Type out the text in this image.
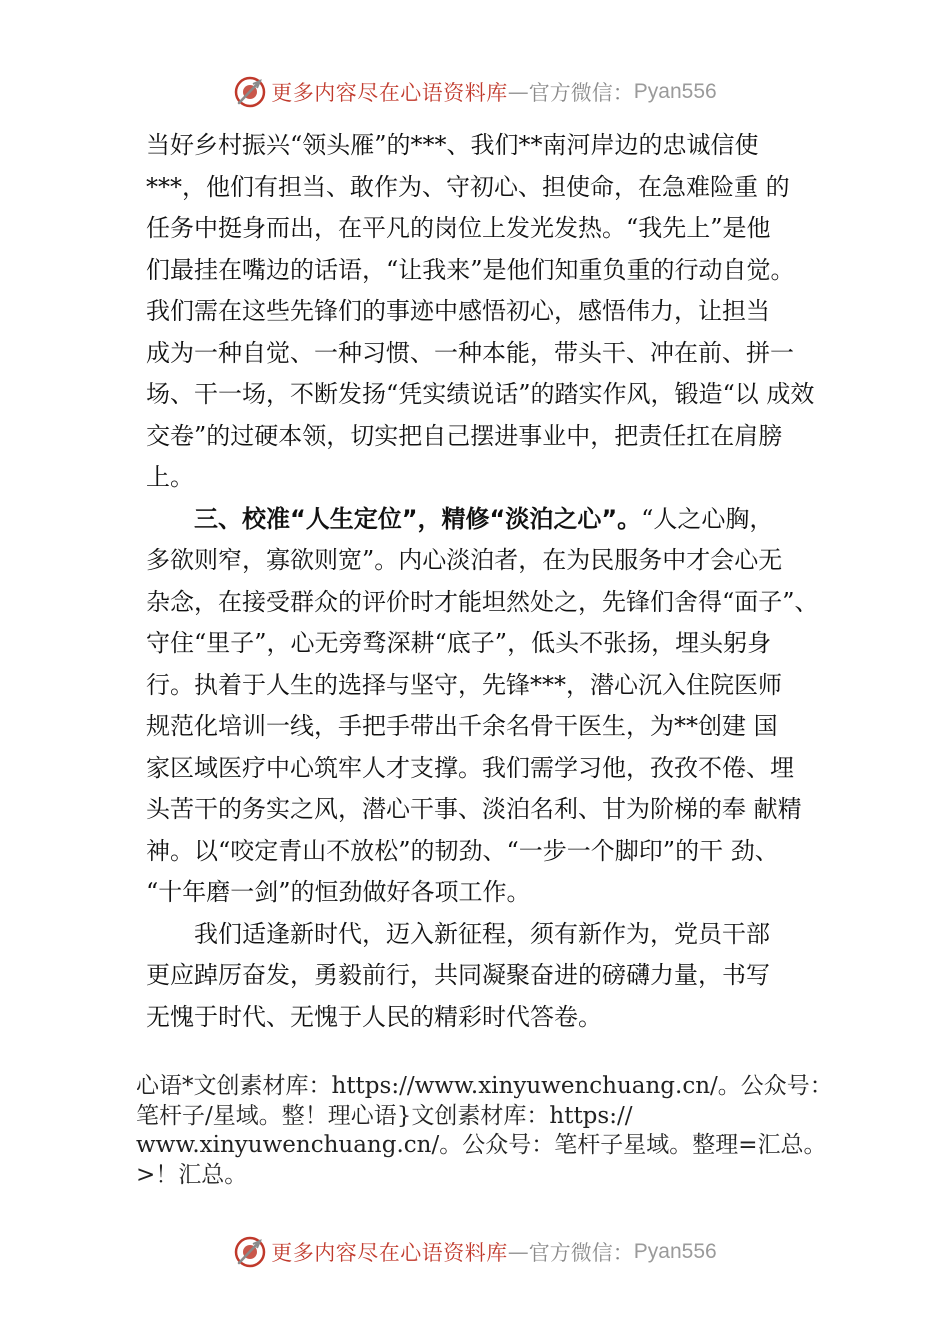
更多内容尽在心语资料库 — 官方微信： Pyan556
当好乡村振兴“领头雁”的***、我们**南河岸边的忠诚信使
***，他们有担当、敢作为、守初心、担使命，在急难险重 的
任务中挺身而出，在平凡的岗位上发光发热。“我先上”是他
们最挂在嘴边的话语，“让我来”是他们知重负重的行动自觉。
我们需在这些先锋们的事迹中感悟初心，感悟伟力，让担当
成为一种自觉、一种习惯、一种本能，带头干、冲在前、拼一
场、干一场，不断发扬“凭实绩说话”的踏实作风，锻造“以 成效
交卷”的过硬本领，切实把自己摆进事业中，把责任扛在肩膀
上。
三、校准“人生定位”，精修“淡泊之心”。“人之心胸，
多欲则窄，寡欲则宽”。内心淡泊者，在为民服务中才会心无
杂念，在接受群众的评价时才能坦然处之，先锋们舍得“面子”、
守住“里子”，心无旁骛深耕“底子”，低头不张扬，埋头躬身
行。执着于人生的选择与坚守，先锋***，潜心沉入住院医师
规范化培训一线，手把手带出千余名骨干医生，为**创建 国
家区域医疗中心筑牢人才支撑。我们需学习他，孜孜不倦、埋
头苦干的务实之风，潜心干事、淡泊名利、甘为阶梯的奉 献精
神。以“咬定青山不放松”的韧劲、“一步一个脚印”的干 劲、
“十年磨一剑”的恒劲做好各项工作。
我们适逢新时代，迈入新征程，须有新作为，党员干部
更应踔厉奋发，勇毅前行，共同凝聚奋进的磅礴力量，书写
无愧于时代、无愧于人民的精彩时代答卷。
心语*文创素材库：https://www.xinyuwenchuang.cn/。公众号：
笔杆子/星域。整！理心语}文创素材库：https://
www.xinyuwenchuang.cn/。公众号：笔杆子星域。整理=汇总。
>！汇总。
更多内容尽在心语资料库 — 官方微信： Pyan556
